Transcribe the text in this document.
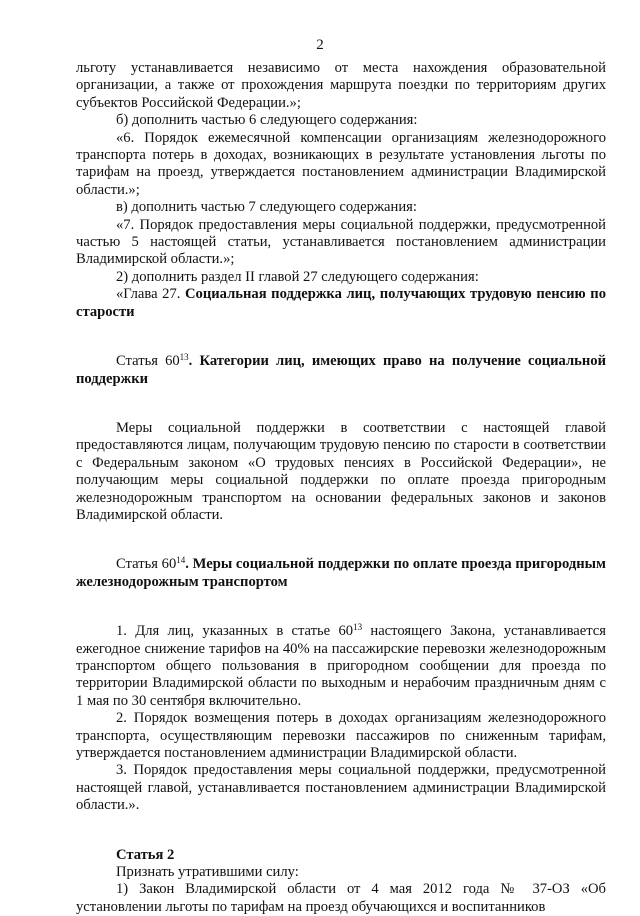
2

льготу устанавливается независимо от места нахождения образовательной организации, а также от прохождения маршрута поездки по территориям других субъектов Российской Федерации.»;

б) дополнить частью 6 следующего содержания:

«6. Порядок ежемесячной компенсации организациям железнодорожного транспорта потерь в доходах, возникающих в результате установления льготы по тарифам на проезд, утверждается постановлением администрации Владимирской области.»;

в) дополнить частью 7 следующего содержания:

«7. Порядок предоставления меры социальной поддержки, предусмотренной частью 5 настоящей статьи, устанавливается постановлением администрации Владимирской области.»;

2) дополнить раздел II главой 27 следующего содержания:

«Глава 27. Социальная поддержка лиц, получающих трудовую пенсию по старости

Статья $60^{13}$. Категории лиц, имеющих право на получение социальной поддержки

Меры социальной поддержки в соответствии с настоящей главой предоставляются лицам, получающим трудовую пенсию по старости в соответствии с Федеральным законом «О трудовых пенсиях в Российской Федерации», не получающим меры социальной поддержки по оплате проезда пригородным железнодорожным транспортом на основании федеральных законов и законов Владимирской области.

Статья $60^{14}$. Меры социальной поддержки по оплате проезда пригородным железнодорожным транспортом

1. Для лиц, указанных в статье $60^{13}$ настоящего Закона, устанавливается ежегодное снижение тарифов на 40% на пассажирские перевозки железнодорожным транспортом общего пользования в пригородном сообщении для проезда по территории Владимирской области по выходным и нерабочим праздничным дням с 1 мая по 30 сентября включительно.

2. Порядок возмещения потерь в доходах организациям железнодорожного транспорта, осуществляющим перевозки пассажиров по сниженным тарифам, утверждается постановлением администрации Владимирской области.

3. Порядок предоставления меры социальной поддержки, предусмотренной настоящей главой, устанавливается постановлением администрации Владимирской области.».

Статья 2

Признать утратившими силу:

1) Закон Владимирской области от 4 мая 2012 года № 37-ОЗ «Об установлении льготы по тарифам на проезд обучающихся и воспитанников
